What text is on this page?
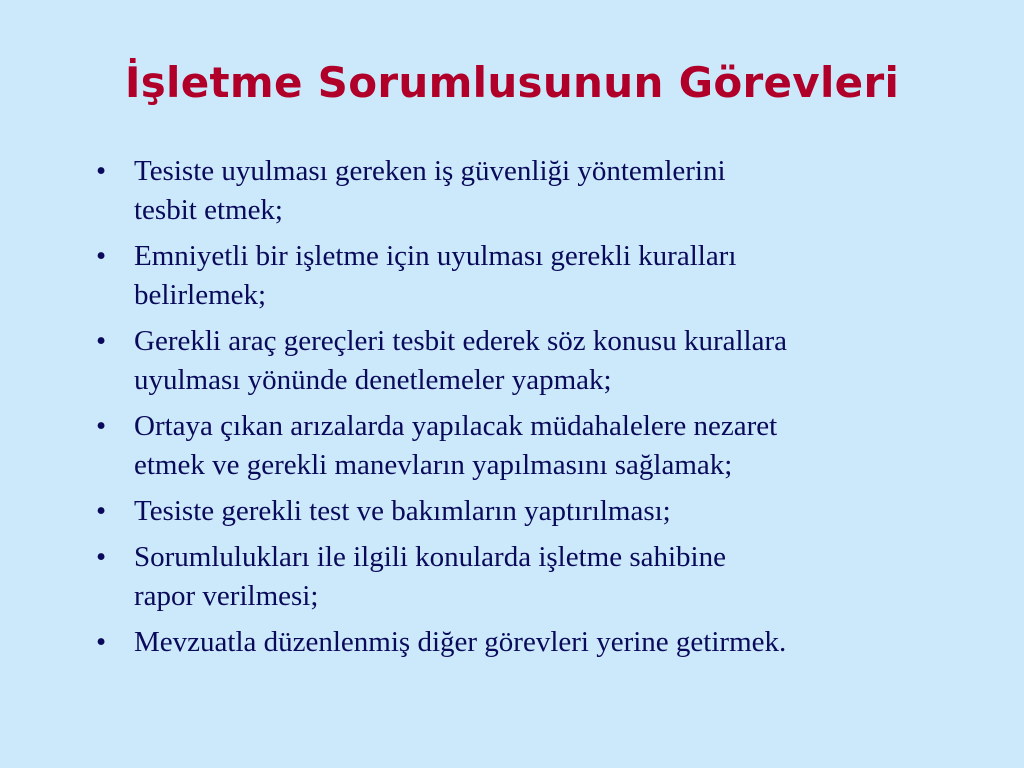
İşletme Sorumlusunun Görevleri
• Tesiste uyulması gereken iş güvenliği yöntemlerini
tesbit etmek;
• Emniyetli bir işletme için uyulması gerekli kuralları
belirlemek;
• Gerekli araç gereçleri tesbit ederek söz konusu kurallara
uyulması yönünde denetlemeler yapmak;
• Ortaya çıkan arızalarda yapılacak müdahalelere nezaret
etmek ve gerekli manevların yapılmasını sağlamak;
• Tesiste gerekli test ve bakımların yaptırılması;
• Sorumlulukları ile ilgili konularda işletme sahibine
rapor verilmesi;
• Mevzuatla düzenlenmiş diğer görevleri yerine getirmek.
